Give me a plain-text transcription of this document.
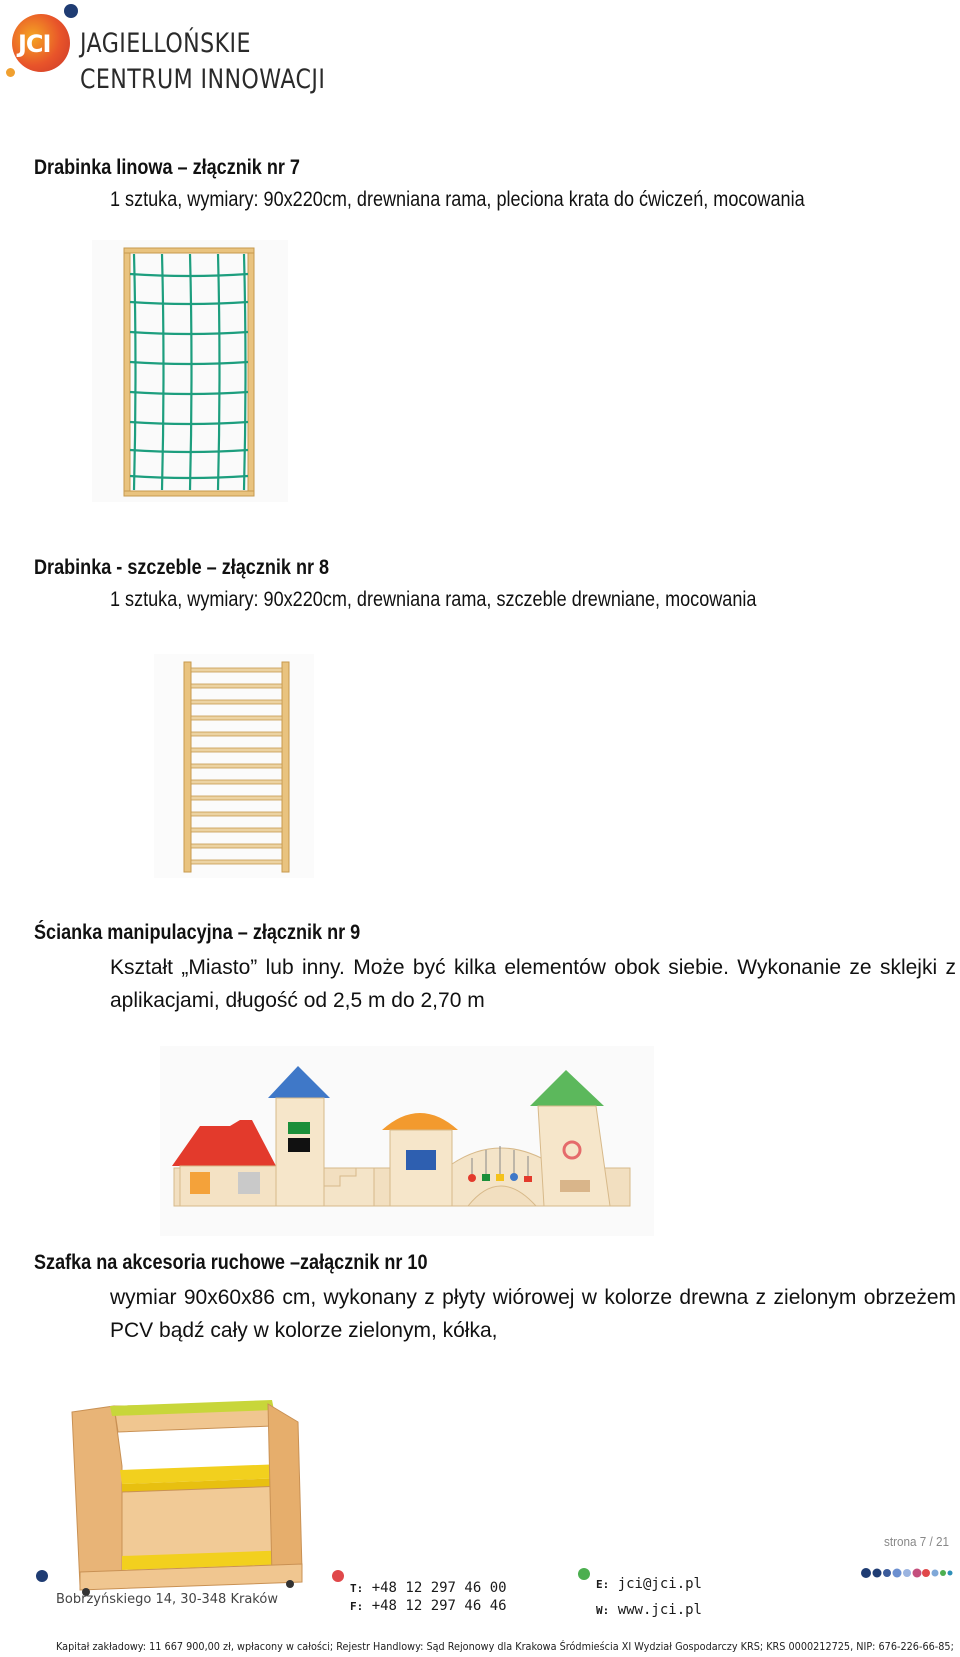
JCI JAGIELLOŃSKIE
CENTRUM INNOWACJI
Drabinka linowa – złącznik nr 7
1 sztuka, wymiary: 90x220cm, drewniana rama, pleciona krata do ćwiczeń, mocowania
Drabinka - szczeble – złącznik nr 8
1 sztuka, wymiary: 90x220cm, drewniana rama, szczeble drewniane, mocowania
Ścianka manipulacyjna – złącznik nr 9
Kształt „Miasto” lub inny. Może być kilka elementów obok siebie. Wykonanie ze sklejki z
aplikacjami, długość od 2,5 m do 2,70 m
Szafka na akcesoria ruchowe –załącznik nr 10
wymiar 90x60x86 cm, wykonany z płyty wiórowej w kolorze drewna z zielonym obrzeżem
PCV bądź cały w kolorze zielonym, kółka,
strona 7 / 21
Bobrzyńskiego 14, 30-348 Kraków
T: +48 12 297 46 00
F: +48 12 297 46 46
E: jci@jci.pl
W: www.jci.pl
Kapitał zakładowy: 11 667 900,00 zł, wpłacony w całości; Rejestr Handlowy: Sąd Rejonowy dla Krakowa Śródmieścia XI Wydział Gospodarczy KRS; KRS 0000212725, NIP: 676-226-66-85;
